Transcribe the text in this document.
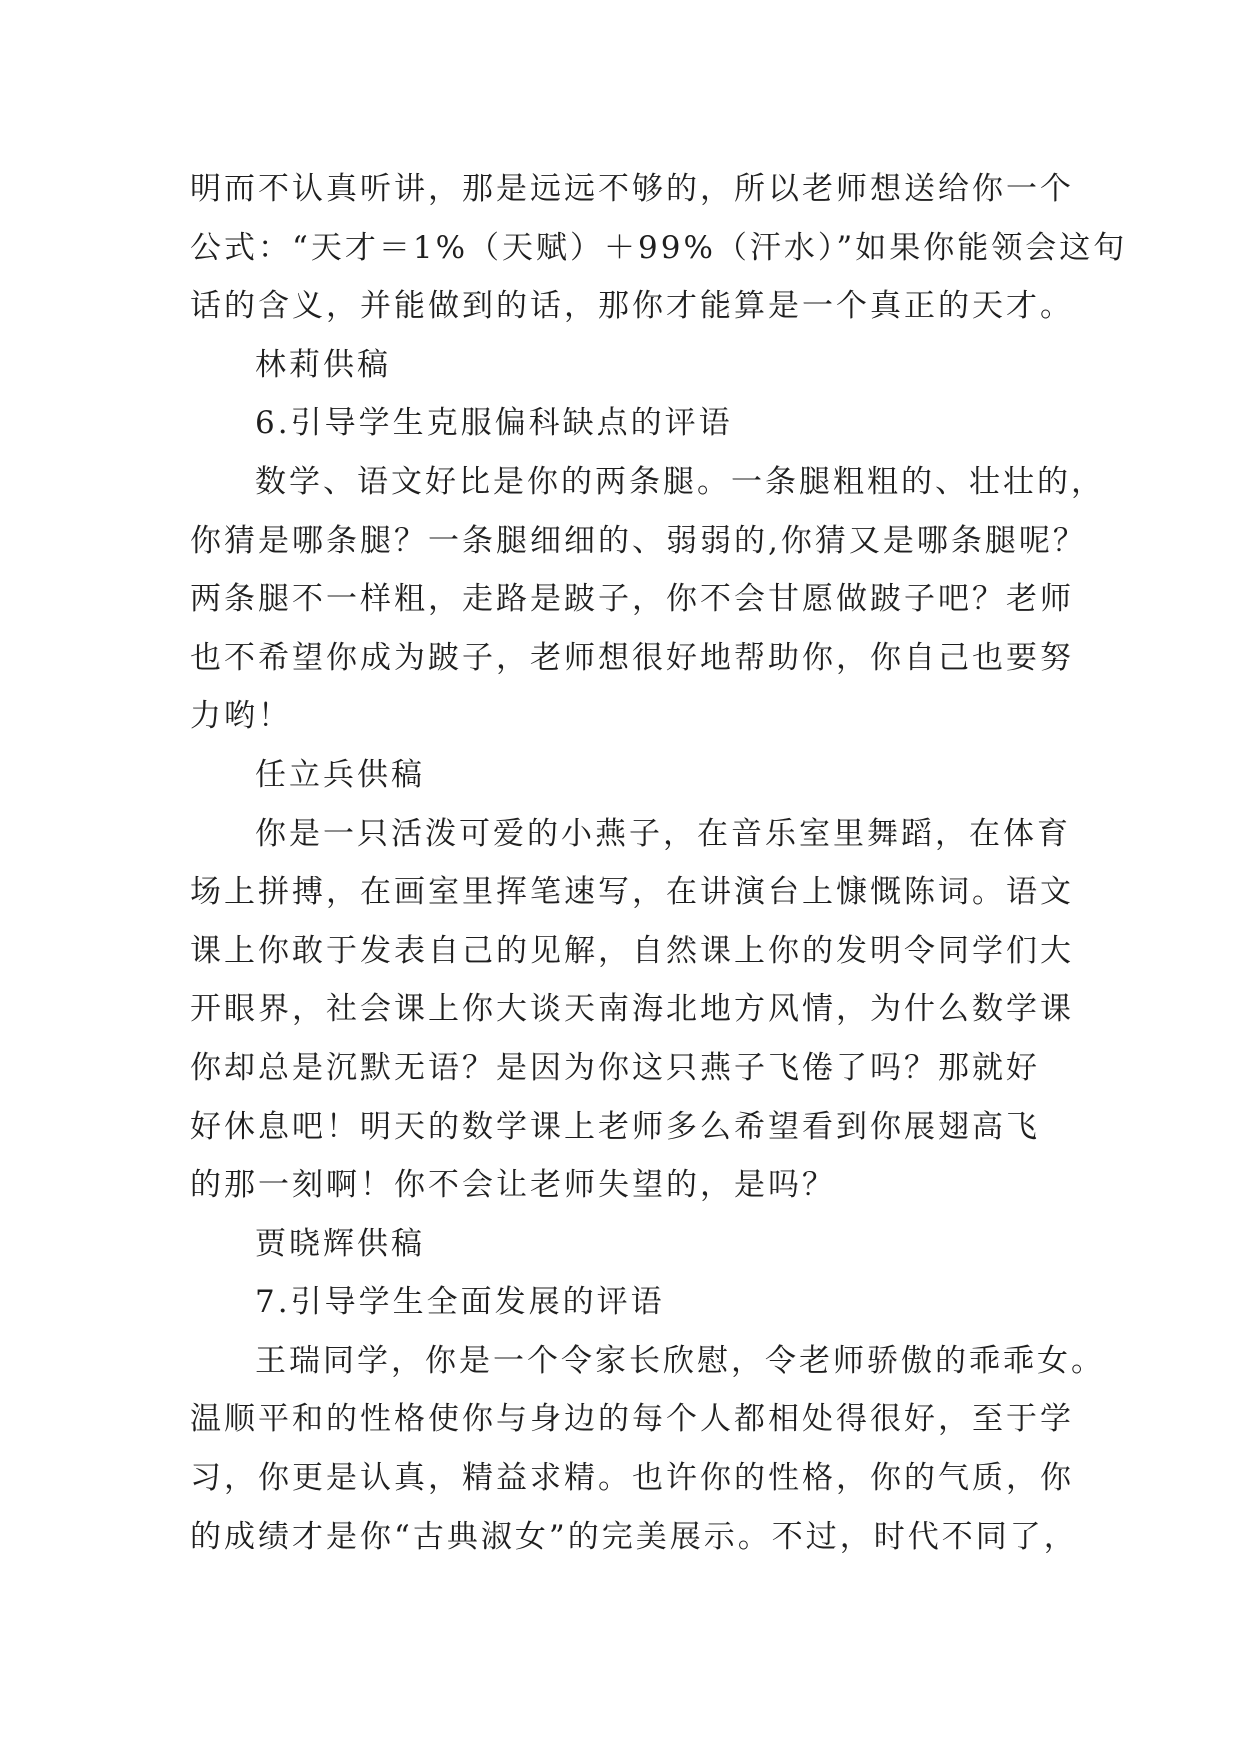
明而不认真听讲，那是远远不够的，所以老师想送给你一个
公式：“天才＝1%（天赋）＋99%（汗水）”如果你能领会这句
话的含义，并能做到的话，那你才能算是一个真正的天才。
林莉供稿
6.引导学生克服偏科缺点的评语
数学、语文好比是你的两条腿。一条腿粗粗的、壮壮的，
你猜是哪条腿？一条腿细细的、弱弱的,你猜又是哪条腿呢？
两条腿不一样粗，走路是跛子，你不会甘愿做跛子吧？老师
也不希望你成为跛子，老师想很好地帮助你，你自己也要努
力哟！
任立兵供稿
你是一只活泼可爱的小燕子，在音乐室里舞蹈，在体育
场上拼搏，在画室里挥笔速写，在讲演台上慷慨陈词。语文
课上你敢于发表自己的见解，自然课上你的发明令同学们大
开眼界，社会课上你大谈天南海北地方风情，为什么数学课
你却总是沉默无语？是因为你这只燕子飞倦了吗？那就好
好休息吧！明天的数学课上老师多么希望看到你展翅高飞
的那一刻啊！你不会让老师失望的，是吗？
贾晓辉供稿
7.引导学生全面发展的评语
王瑞同学，你是一个令家长欣慰，令老师骄傲的乖乖女。
温顺平和的性格使你与身边的每个人都相处得很好，至于学
习，你更是认真，精益求精。也许你的性格，你的气质，你
的成绩才是你“古典淑女”的完美展示。不过，时代不同了，
